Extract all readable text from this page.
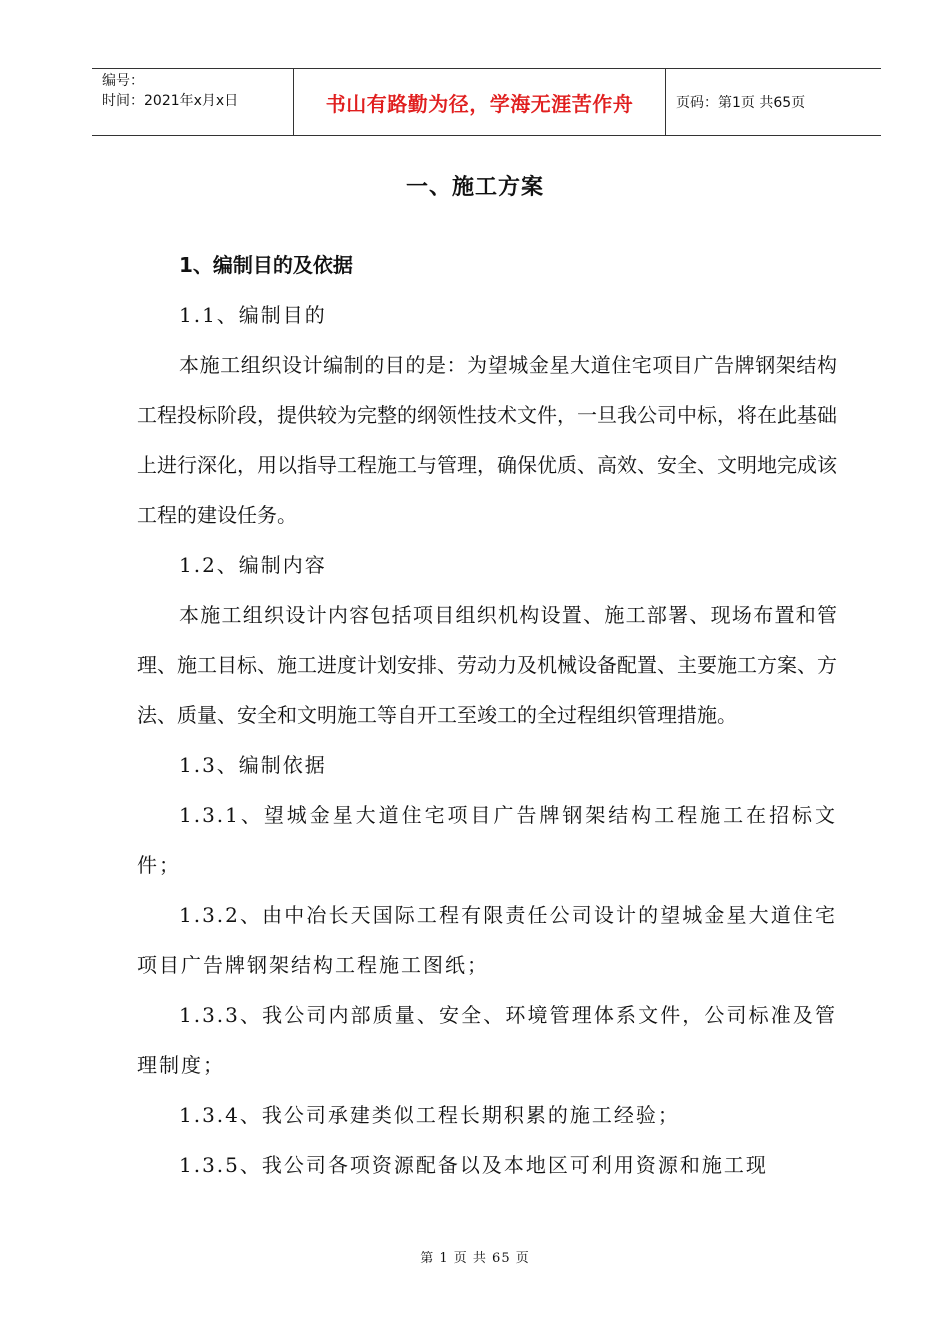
编号：
时间：2021年x月x日	书山有路勤为径，学海无涯苦作舟	页码：第1页 共65页
一、施工方案

1、编制目的及依据

1.1、编制目的

本施工组织设计编制的目的是：为望城金星大道住宅项目广告牌钢架结构工程投标阶段，提供较为完整的纲领性技术文件，一旦我公司中标，将在此基础上进行深化，用以指导工程施工与管理，确保优质、高效、安全、文明地完成该工程的建设任务。

1.2、编制内容

本施工组织设计内容包括项目组织机构设置、施工部署、现场布置和管理、施工目标、施工进度计划安排、劳动力及机械设备配置、主要施工方案、方法、质量、安全和文明施工等自开工至竣工的全过程组织管理措施。

1.3、编制依据

1.3.1、望城金星大道住宅项目广告牌钢架结构工程施工在招标文件；

1.3.2、由中冶长天国际工程有限责任公司设计的望城金星大道住宅项目广告牌钢架结构工程施工图纸；

1.3.3、我公司内部质量、安全、环境管理体系文件，公司标准及管理制度；

1.3.4、我公司承建类似工程长期积累的施工经验；

1.3.5、我公司各项资源配备以及本地区可利用资源和施工现

第 1 页 共 65 页
